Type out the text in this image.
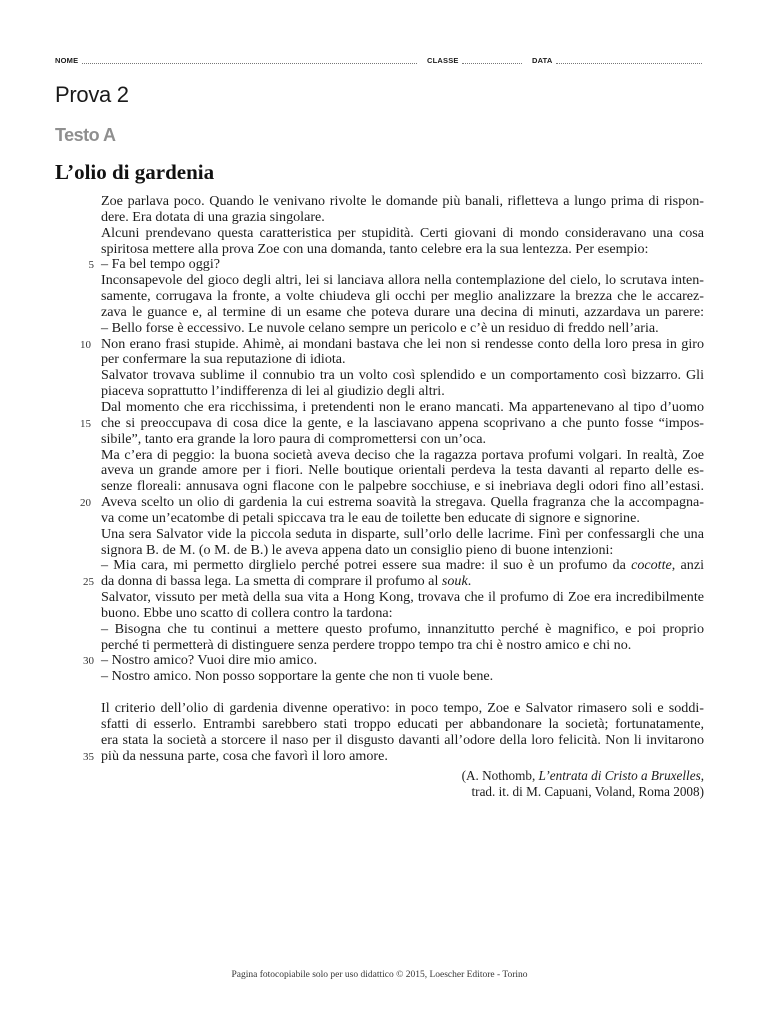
NOME	CLASSE	DATA
Prova 2
Testo A
L’olio di gardenia
Zoe parlava poco. Quando le venivano rivolte le domande più banali, rifletteva a lungo prima di rispon-
dere. Era dotata di una grazia singolare.
Alcuni prendevano questa caratteristica per stupidità. Certi giovani di mondo consideravano una cosa
spiritosa mettere alla prova Zoe con una domanda, tanto celebre era la sua lentezza. Per esempio:
5 – Fa bel tempo oggi?
Inconsapevole del gioco degli altri, lei si lanciava allora nella contemplazione del cielo, lo scrutava inten-
samente, corrugava la fronte, a volte chiudeva gli occhi per meglio analizzare la brezza che le accarez-
zava le guance e, al termine di un esame che poteva durare una decina di minuti, azzardava un parere:
– Bello forse è eccessivo. Le nuvole celano sempre un pericolo e c’è un residuo di freddo nell’aria.
10 Non erano frasi stupide. Ahimè, ai mondani bastava che lei non si rendesse conto della loro presa in giro
per confermare la sua reputazione di idiota.
Salvator trovava sublime il connubio tra un volto così splendido e un comportamento così bizzarro. Gli
piaceva soprattutto l’indifferenza di lei al giudizio degli altri.
Dal momento che era ricchissima, i pretendenti non le erano mancati. Ma appartenevano al tipo d’uomo
15 che si preoccupava di cosa dice la gente, e la lasciavano appena scoprivano a che punto fosse “impos-
sibile”, tanto era grande la loro paura di compromettersi con un’oca.
Ma c’era di peggio: la buona società aveva deciso che la ragazza portava profumi volgari. In realtà, Zoe
aveva un grande amore per i fiori. Nelle boutique orientali perdeva la testa davanti al reparto delle es-
senze floreali: annusava ogni flacone con le palpebre socchiuse, e si inebriava degli odori fino all’estasi.
20 Aveva scelto un olio di gardenia la cui estrema soavità la stregava. Quella fragranza che la accompagna-
va come un’ecatombe di petali spiccava tra le eau de toilette ben educate di signore e signorine.
Una sera Salvator vide la piccola seduta in disparte, sull’orlo delle lacrime. Finì per confessargli che una
signora B. de M. (o M. de B.) le aveva appena dato un consiglio pieno di buone intenzioni:
– Mia cara, mi permetto dirglielo perché potrei essere sua madre: il suo è un profumo da cocotte, anzi
25 da donna di bassa lega. La smetta di comprare il profumo al souk.
Salvator, vissuto per metà della sua vita a Hong Kong, trovava che il profumo di Zoe era incredibilmente
buono. Ebbe uno scatto di collera contro la tardona:
– Bisogna che tu continui a mettere questo profumo, innanzitutto perché è magnifico, e poi proprio
perché ti permetterà di distinguere senza perdere troppo tempo tra chi è nostro amico e chi no.
30 – Nostro amico? Vuoi dire mio amico.
– Nostro amico. Non posso sopportare la gente che non ti vuole bene.
Il criterio dell’olio di gardenia divenne operativo: in poco tempo, Zoe e Salvator rimasero soli e soddi-
sfatti di esserlo. Entrambi sarebbero stati troppo educati per abbandonare la società; fortunatamente,
era stata la società a storcere il naso per il disgusto davanti all’odore della loro felicità. Non li invitarono
35 più da nessuna parte, cosa che favorì il loro amore.
(A. Nothomb, L’entrata di Cristo a Bruxelles,
trad. it. di M. Capuani, Voland, Roma 2008)
Pagina fotocopiabile solo per uso didattico © 2015, Loescher Editore - Torino
